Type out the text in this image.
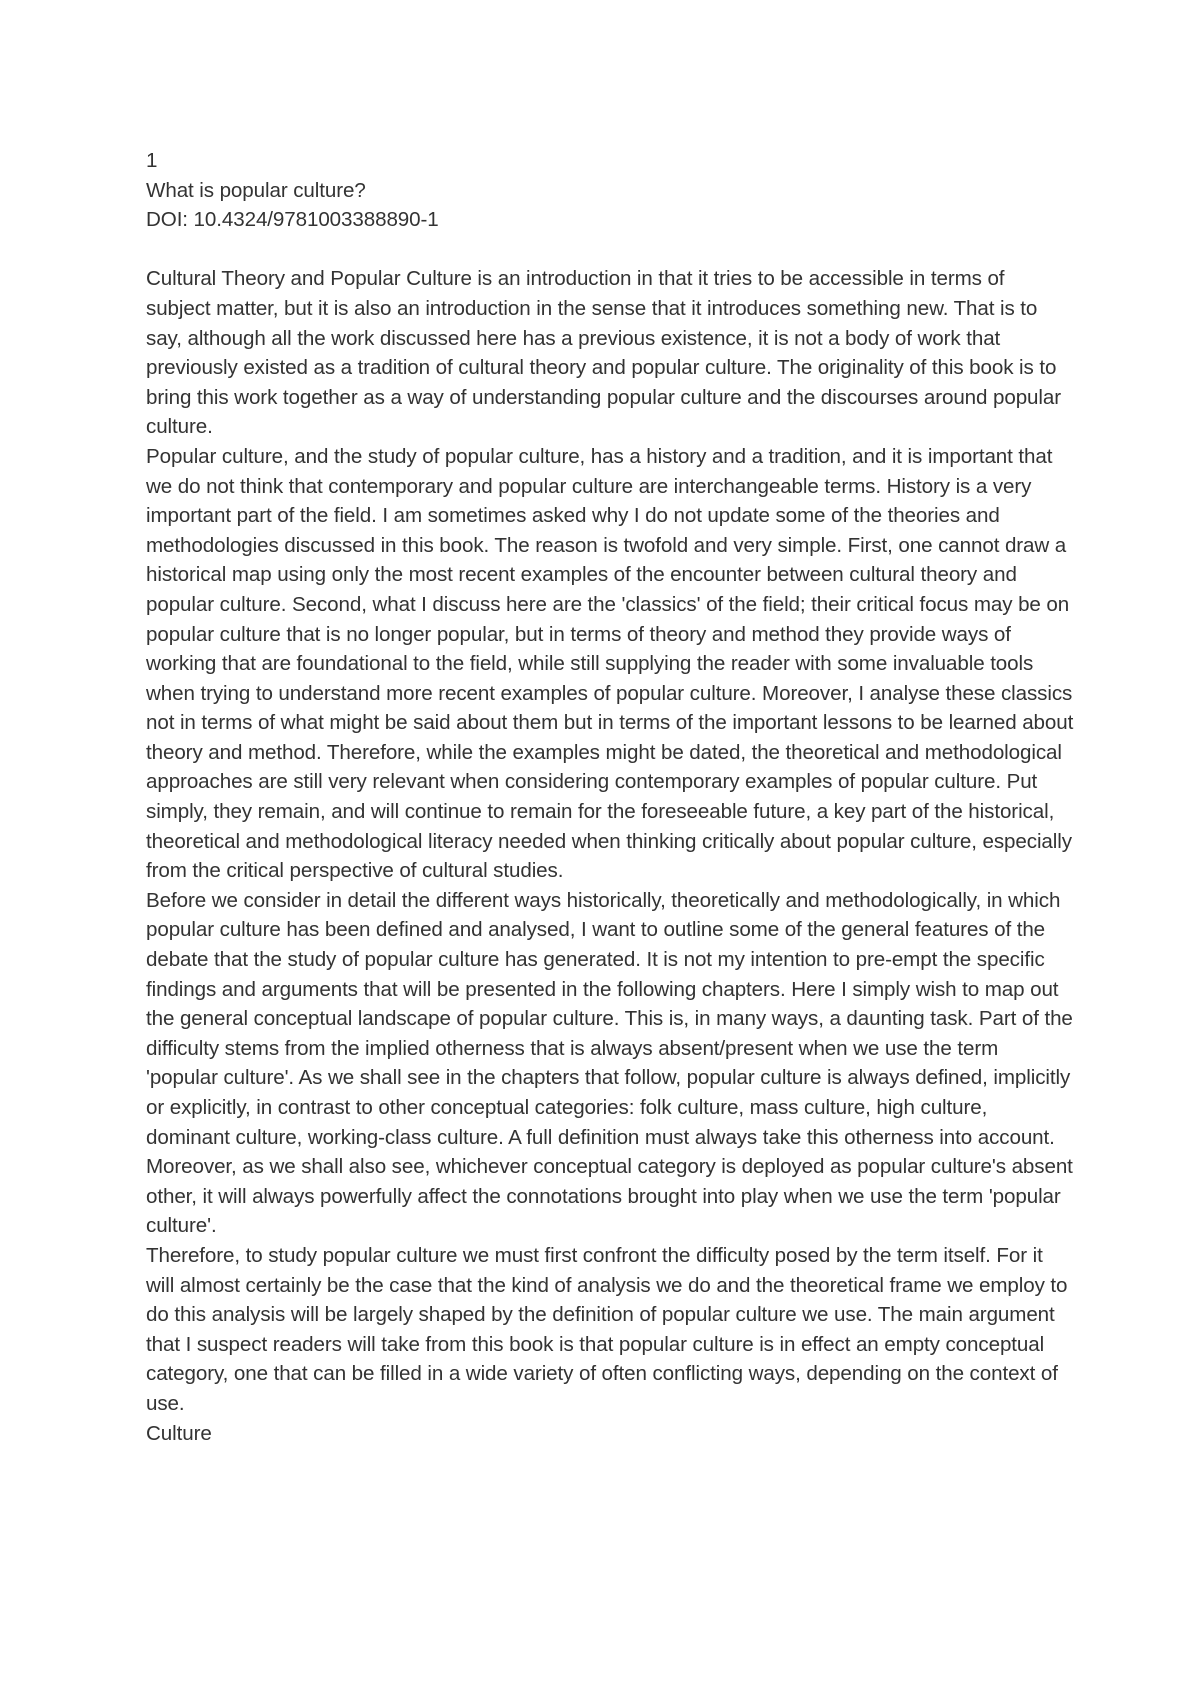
1

What is popular culture?

DOI: 10.4324/9781003388890-1

Cultural Theory and Popular Culture is an introduction in that it tries to be accessible in terms of subject matter, but it is also an introduction in the sense that it introduces something new. That is to say, although all the work discussed here has a previous existence, it is not a body of work that previously existed as a tradition of cultural theory and popular culture. The originality of this book is to bring this work together as a way of understanding popular culture and the discourses around popular culture.

Popular culture, and the study of popular culture, has a history and a tradition, and it is important that we do not think that contemporary and popular culture are interchangeable terms. History is a very important part of the field. I am sometimes asked why I do not update some of the theories and methodologies discussed in this book. The reason is twofold and very simple. First, one cannot draw a historical map using only the most recent examples of the encounter between cultural theory and popular culture. Second, what I discuss here are the 'classics' of the field; their critical focus may be on popular culture that is no longer popular, but in terms of theory and method they provide ways of working that are foundational to the field, while still supplying the reader with some invaluable tools when trying to understand more recent examples of popular culture. Moreover, I analyse these classics not in terms of what might be said about them but in terms of the important lessons to be learned about theory and method. Therefore, while the examples might be dated, the theoretical and methodological approaches are still very relevant when considering contemporary examples of popular culture. Put simply, they remain, and will continue to remain for the foreseeable future, a key part of the historical, theoretical and methodological literacy needed when thinking critically about popular culture, especially from the critical perspective of cultural studies.

Before we consider in detail the different ways historically, theoretically and methodologically, in which popular culture has been defined and analysed, I want to outline some of the general features of the debate that the study of popular culture has generated. It is not my intention to pre-empt the specific findings and arguments that will be presented in the following chapters. Here I simply wish to map out the general conceptual landscape of popular culture. This is, in many ways, a daunting task. Part of the difficulty stems from the implied otherness that is always absent/present when we use the term 'popular culture'. As we shall see in the chapters that follow, popular culture is always defined, implicitly or explicitly, in contrast to other conceptual categories: folk culture, mass culture, high culture, dominant culture, working-class culture. A full definition must always take this otherness into account. Moreover, as we shall also see, whichever conceptual category is deployed as popular culture's absent other, it will always powerfully affect the connotations brought into play when we use the term 'popular culture'.

Therefore, to study popular culture we must first confront the difficulty posed by the term itself. For it will almost certainly be the case that the kind of analysis we do and the theoretical frame we employ to do this analysis will be largely shaped by the definition of popular culture we use. The main argument that I suspect readers will take from this book is that popular culture is in effect an empty conceptual category, one that can be filled in a wide variety of often conflicting ways, depending on the context of use.

Culture
